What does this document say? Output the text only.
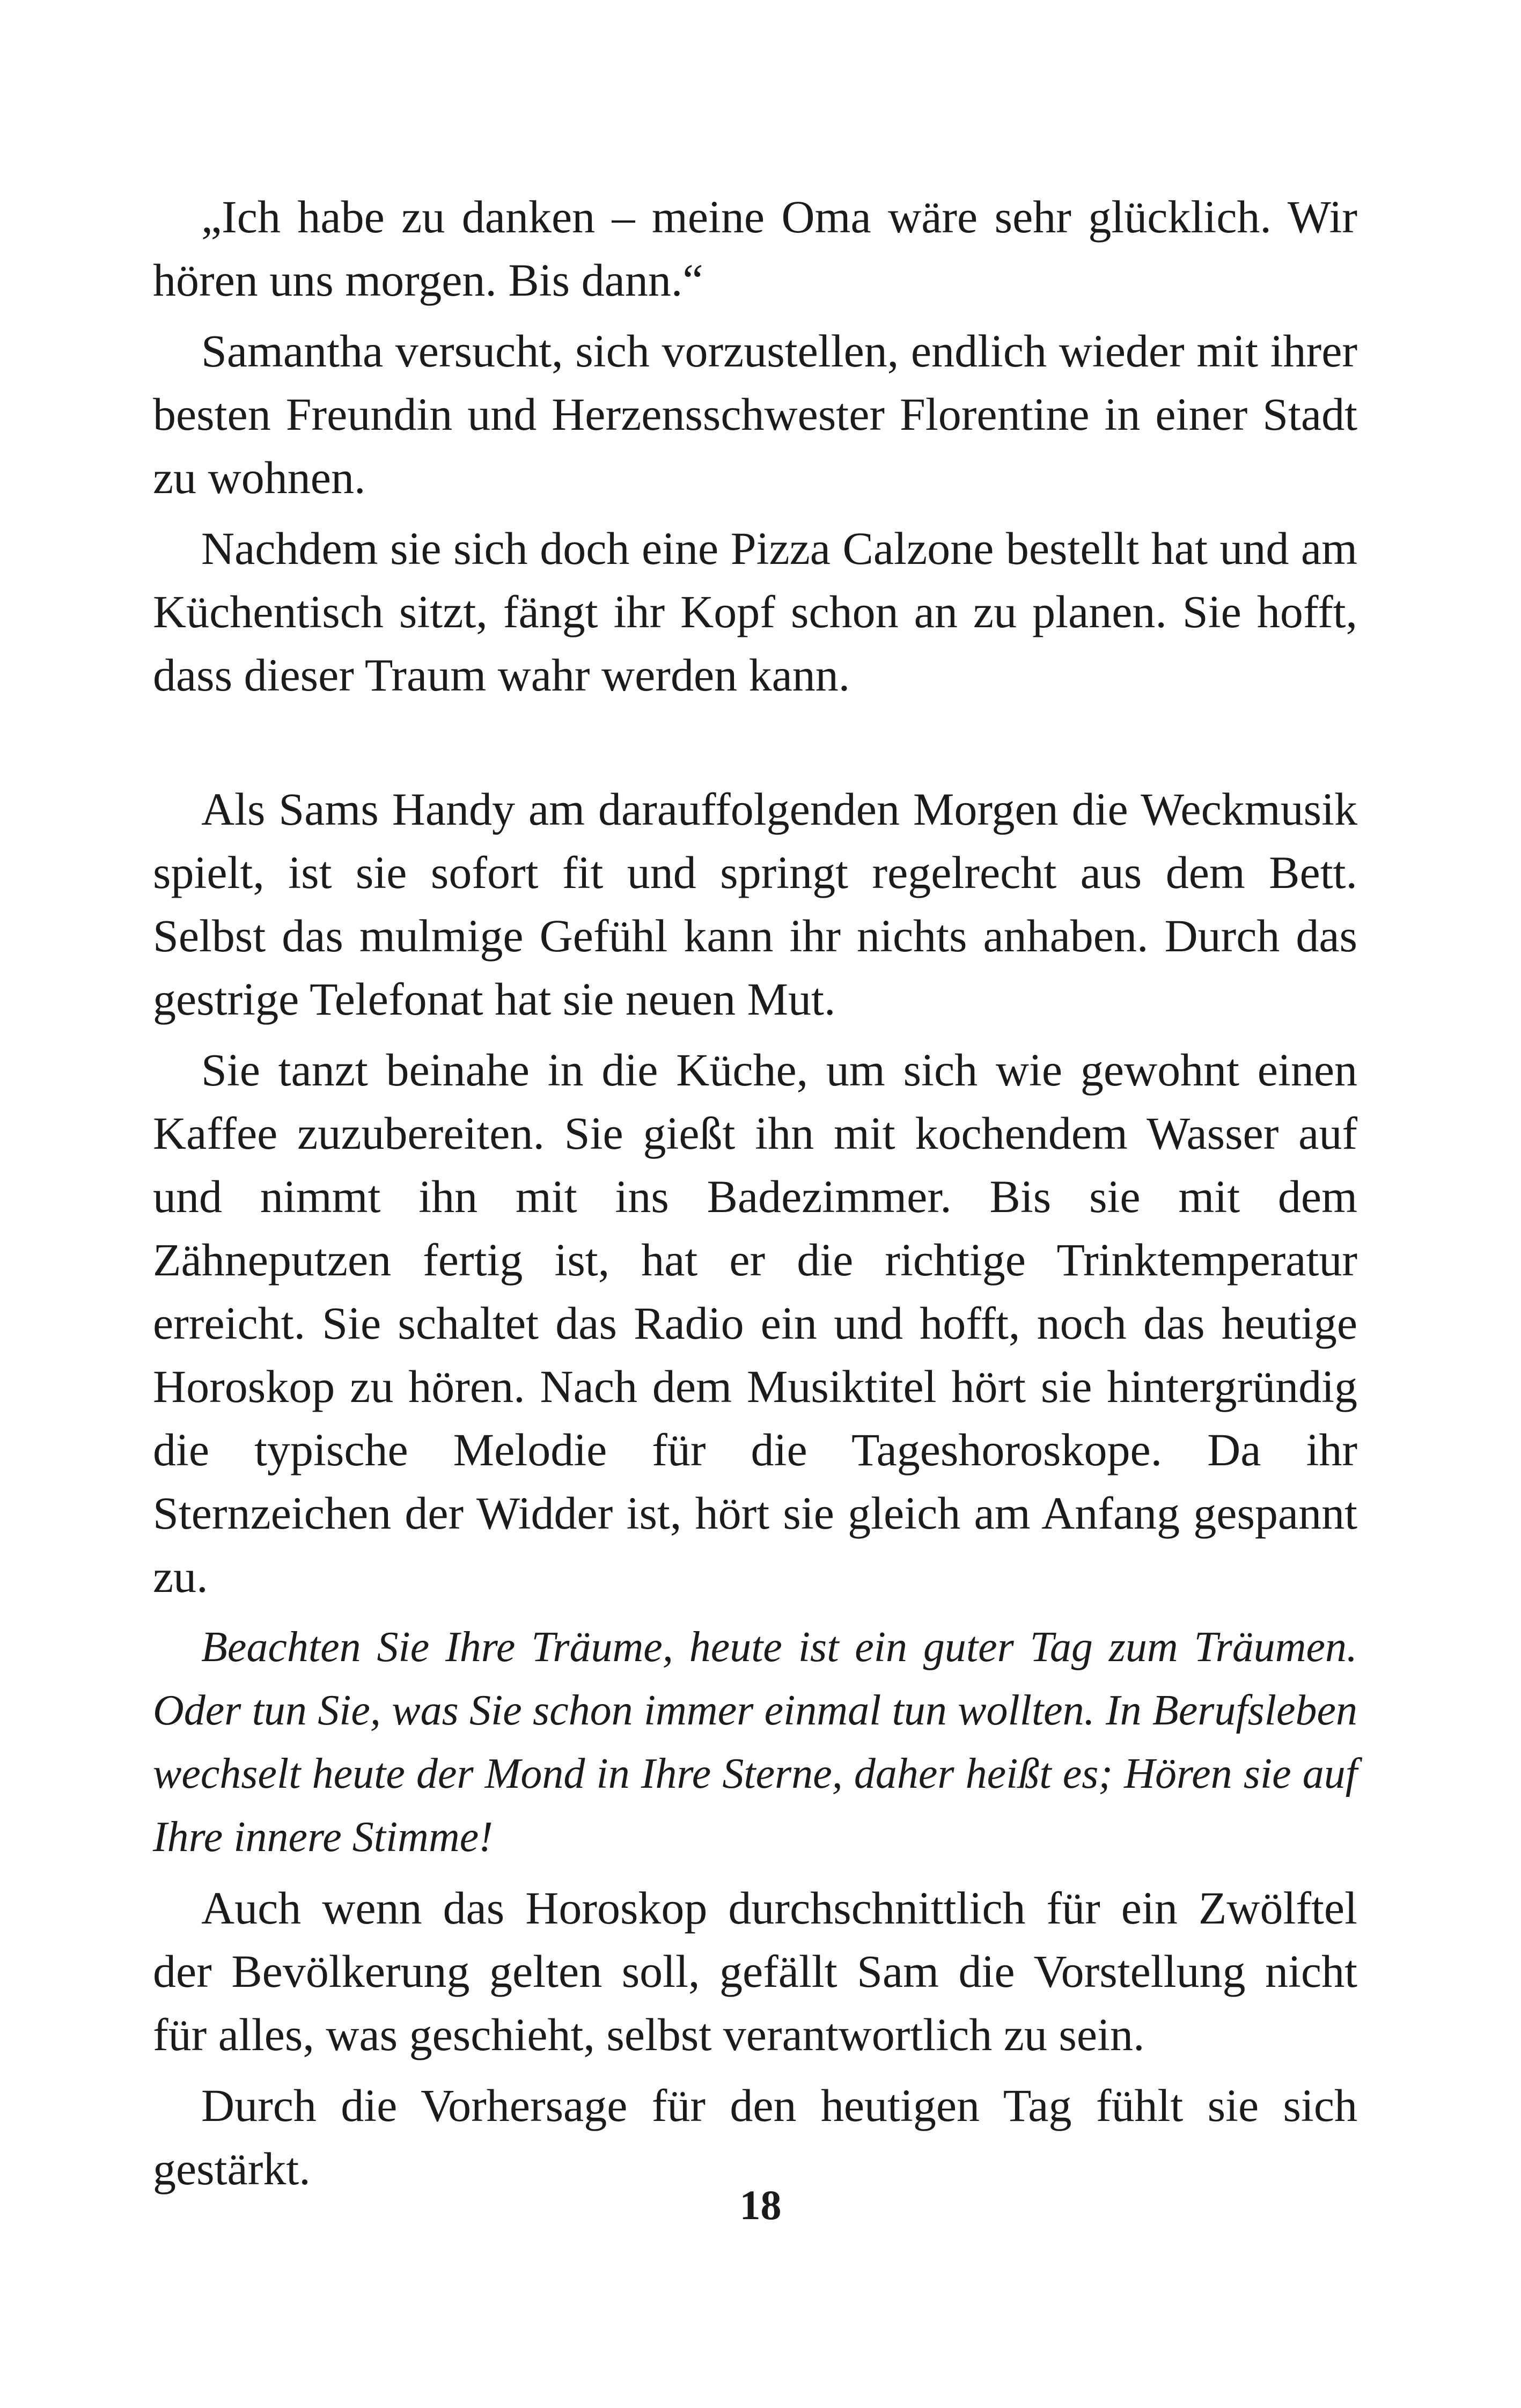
„Ich habe zu danken – meine Oma wäre sehr glücklich. Wir hören uns morgen. Bis dann.“

Samantha versucht, sich vorzustellen, endlich wieder mit ihrer besten Freundin und Herzensschwester Florentine in einer Stadt zu wohnen.

Nachdem sie sich doch eine Pizza Calzone bestellt hat und am Küchentisch sitzt, fängt ihr Kopf schon an zu planen. Sie hofft, dass dieser Traum wahr werden kann.

Als Sams Handy am darauffolgenden Morgen die Weckmusik spielt, ist sie sofort fit und springt regelrecht aus dem Bett. Selbst das mulmige Gefühl kann ihr nichts anhaben. Durch das gestrige Telefonat hat sie neuen Mut.

Sie tanzt beinahe in die Küche, um sich wie gewohnt einen Kaffee zuzubereiten. Sie gießt ihn mit kochendem Wasser auf und nimmt ihn mit ins Badezimmer. Bis sie mit dem Zähneputzen fertig ist, hat er die richtige Trinktemperatur erreicht. Sie schaltet das Radio ein und hofft, noch das heutige Horoskop zu hören. Nach dem Musiktitel hört sie hintergründig die typische Melodie für die Tageshoroskope. Da ihr Sternzeichen der Widder ist, hört sie gleich am Anfang gespannt zu.

Beachten Sie Ihre Träume, heute ist ein guter Tag zum Träumen. Oder tun Sie, was Sie schon immer einmal tun wollten. In Berufsleben wechselt heute der Mond in Ihre Sterne, daher heißt es; Hören sie auf Ihre innere Stimme!

Auch wenn das Horoskop durchschnittlich für ein Zwölftel der Bevölkerung gelten soll, gefällt Sam die Vorstellung nicht für alles, was geschieht, selbst verantwortlich zu sein.

Durch die Vorhersage für den heutigen Tag fühlt sie sich gestärkt.

18
